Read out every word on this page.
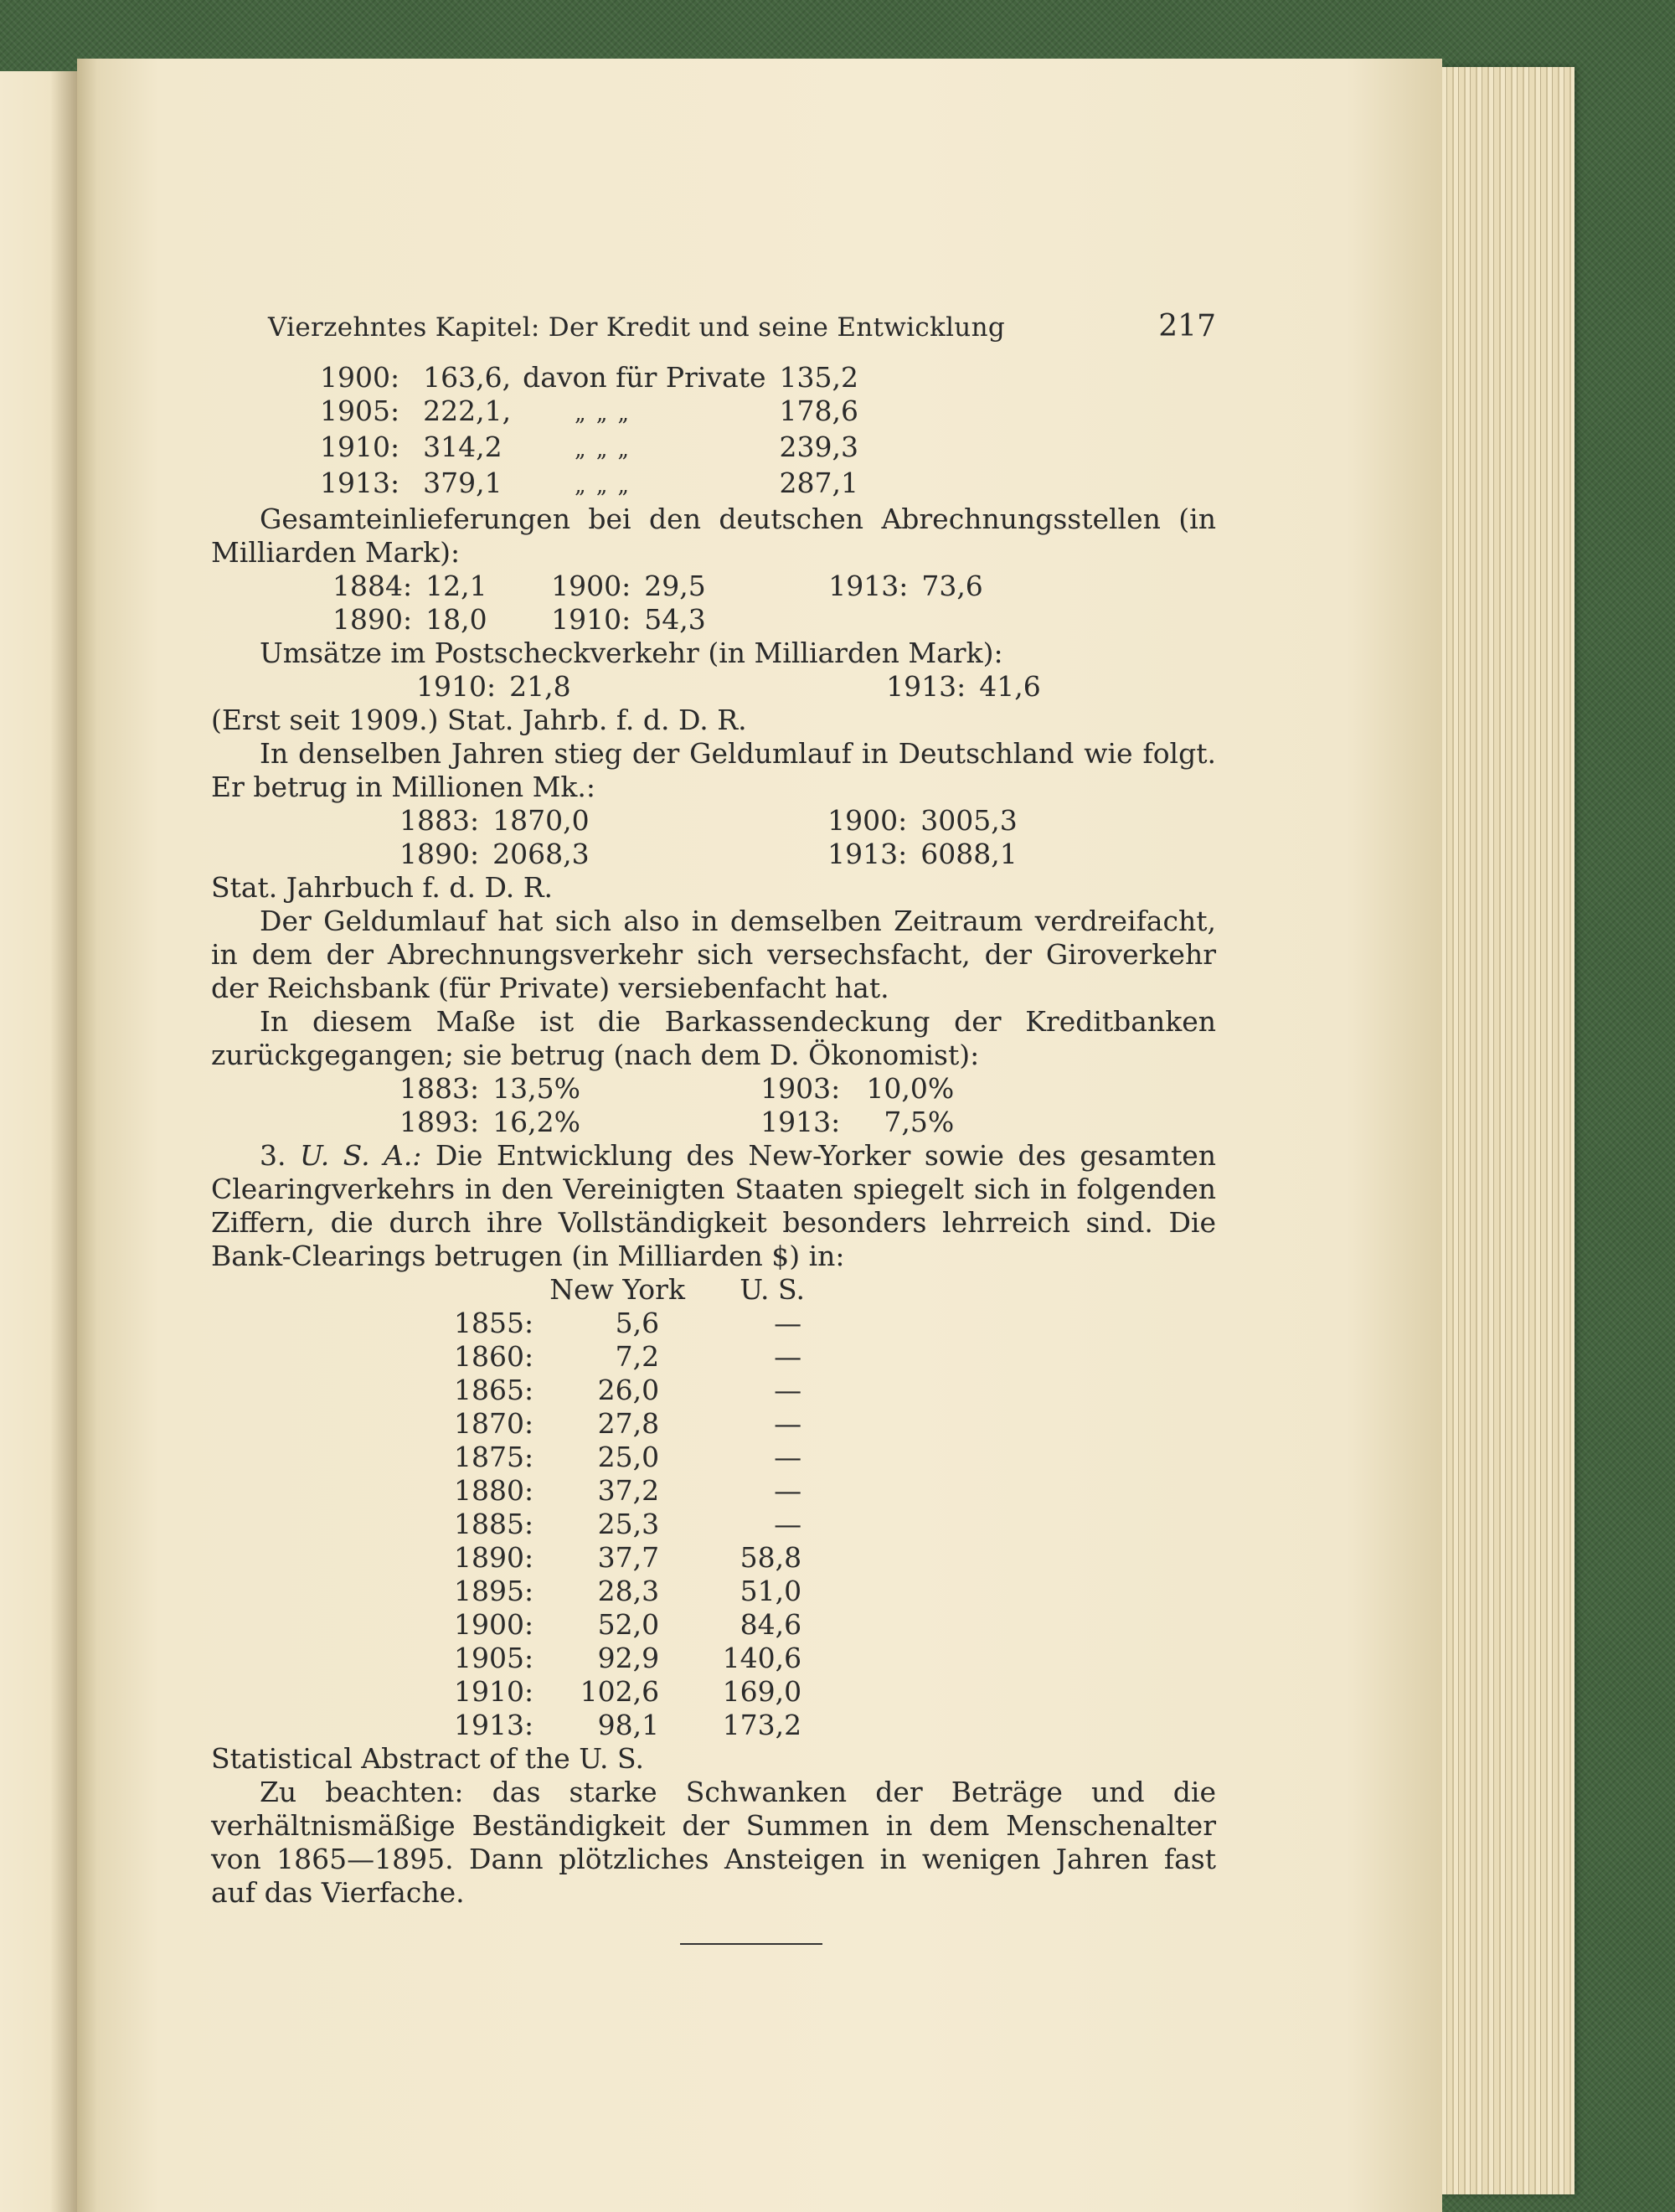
Vierzehntes Kapitel: Der Kredit und seine Entwicklung	217
1900:	163,6,	davon für Private	135,2
1905:	222,1,	„ „ „	178,6
1910:	314,2	„ „ „	239,3
1913:	379,1	„ „ „	287,1

Gesamteinlieferungen bei den deutschen Abrechnungsstellen (in Milliarden Mark):

1884:	12,1	1900:	29,5	1913:	73,6
1890:	18,0	1910:	54,3		

Umsätze im Postscheckverkehr (in Milliarden Mark):

1910:	21,8	1913:	41,6

(Erst seit 1909.) Stat. Jahrb. f. d. D. R.

In denselben Jahren stieg der Geldumlauf in Deutschland wie folgt. Er betrug in Millionen Mk.:

1883:	1870,0	1900:	3005,3
1890:	2068,3	1913:	6088,1

Stat. Jahrbuch f. d. D. R.

Der Geldumlauf hat sich also in demselben Zeitraum verdreifacht, in dem der Abrechnungsverkehr sich versechsfacht, der Giroverkehr der Reichsbank (für Private) versiebenfacht hat.

In diesem Maße ist die Barkassendeckung der Kreditbanken zurückgegangen; sie betrug (nach dem D. Ökonomist):

1883:	13,5%	1903:	10,0%
1893:	16,2%	1913:	7,5%

3. U. S. A.: Die Entwicklung des New-Yorker sowie des gesamten Clearingverkehrs in den Vereinigten Staaten spiegelt sich in folgenden Ziffern, die durch ihre Vollständigkeit besonders lehrreich sind. Die Bank-Clearings betrugen (in Milliarden $) in:

	New York	U. S.
1855:	5,6	—
1860:	7,2	—
1865:	26,0	—
1870:	27,8	—
1875:	25,0	—
1880:	37,2	—
1885:	25,3	—
1890:	37,7	58,8
1895:	28,3	51,0
1900:	52,0	84,6
1905:	92,9	140,6
1910:	102,6	169,0
1913:	98,1	173,2

Statistical Abstract of the U. S.

Zu beachten: das starke Schwanken der Beträge und die verhältnismäßige Beständigkeit der Summen in dem Menschenalter von 1865—1895. Dann plötzliches Ansteigen in wenigen Jahren fast auf das Vierfache.
